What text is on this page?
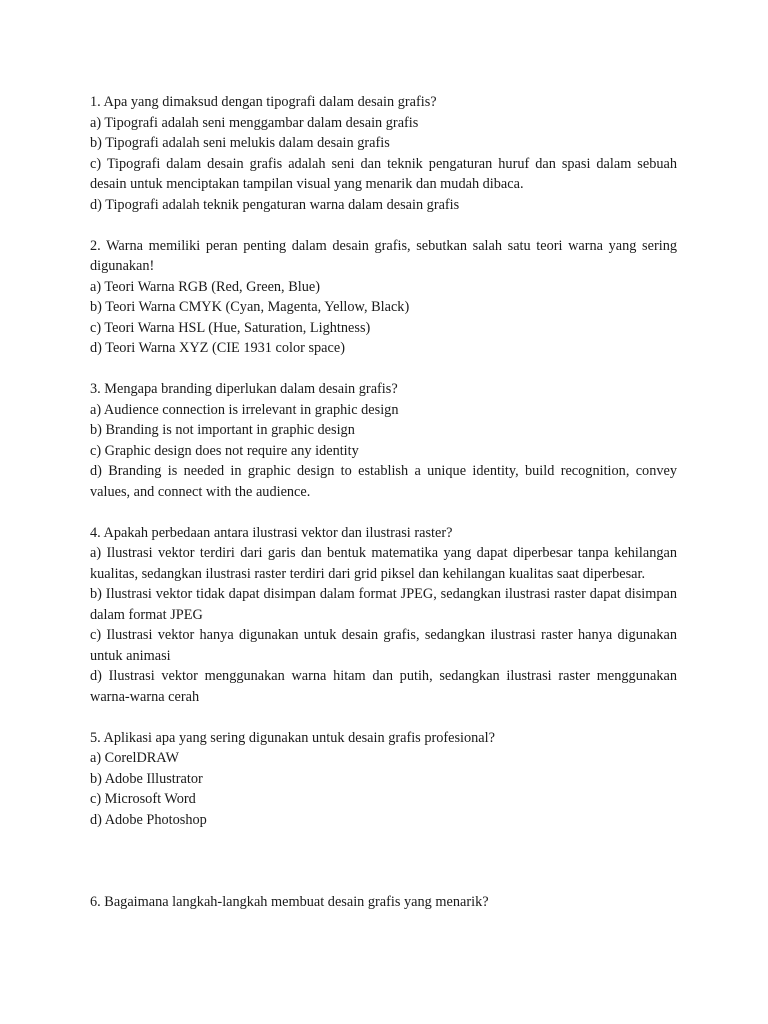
1. Apa yang dimaksud dengan tipografi dalam desain grafis?

a) Tipografi adalah seni menggambar dalam desain grafis

b) Tipografi adalah seni melukis dalam desain grafis

c) Tipografi dalam desain grafis adalah seni dan teknik pengaturan huruf dan spasi dalam sebuah desain untuk menciptakan tampilan visual yang menarik dan mudah dibaca.

d) Tipografi adalah teknik pengaturan warna dalam desain grafis

2. Warna memiliki peran penting dalam desain grafis, sebutkan salah satu teori warna yang sering digunakan!

a) Teori Warna RGB (Red, Green, Blue)

b) Teori Warna CMYK (Cyan, Magenta, Yellow, Black)

c) Teori Warna HSL (Hue, Saturation, Lightness)

d) Teori Warna XYZ (CIE 1931 color space)

3. Mengapa branding diperlukan dalam desain grafis?

a) Audience connection is irrelevant in graphic design

b) Branding is not important in graphic design

c) Graphic design does not require any identity

d) Branding is needed in graphic design to establish a unique identity, build recognition, convey values, and connect with the audience.

4. Apakah perbedaan antara ilustrasi vektor dan ilustrasi raster?

a) Ilustrasi vektor terdiri dari garis dan bentuk matematika yang dapat diperbesar tanpa kehilangan kualitas, sedangkan ilustrasi raster terdiri dari grid piksel dan kehilangan kualitas saat diperbesar.

b) Ilustrasi vektor tidak dapat disimpan dalam format JPEG, sedangkan ilustrasi raster dapat disimpan dalam format JPEG

c) Ilustrasi vektor hanya digunakan untuk desain grafis, sedangkan ilustrasi raster hanya digunakan untuk animasi

d) Ilustrasi vektor menggunakan warna hitam dan putih, sedangkan ilustrasi raster menggunakan warna-warna cerah

5. Aplikasi apa yang sering digunakan untuk desain grafis profesional?

a) CorelDRAW

b) Adobe Illustrator

c) Microsoft Word

d) Adobe Photoshop

6. Bagaimana langkah-langkah membuat desain grafis yang menarik?
